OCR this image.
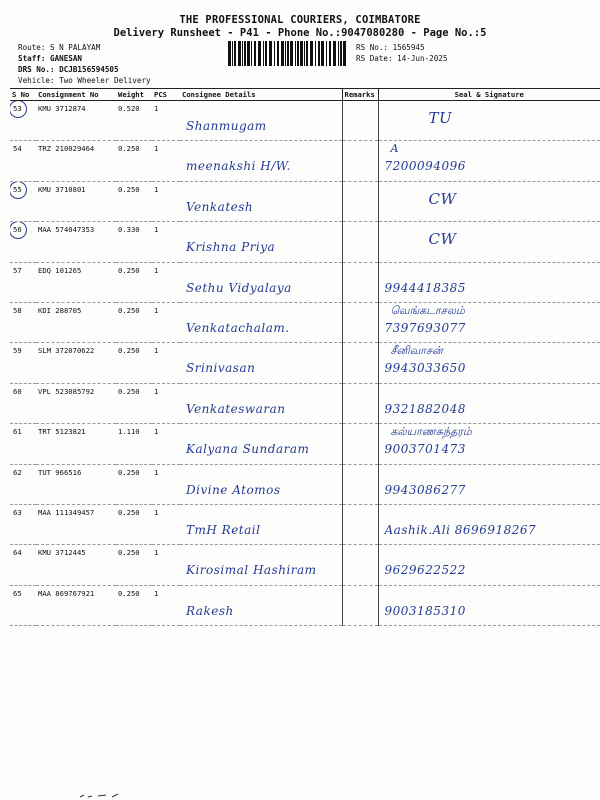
THE PROFESSIONAL COURIERS, COIMBATORE
Delivery Runsheet - P41 - Phone No.:9047080280 - Page No.:5
Route: S N PALAYAM
Staff: GANESAN
DRS No.: DCJB156594505
Vehicle: Two Wheeler Delivery
RS No.: 1565945
RS Date: 14-Jun-2025
S No	Consignment No	Weight	PCS	Consignee Details	Remarks	Seal & Signature

53	KMU 3712874	0.520	1	Shanmugam		TU

54	TRZ 210029464	0.250	1	meenakshi H/W.		A
7200094096

55	KMU 3710801	0.250	1	Venkatesh		CW

56	MAA 574047353	0.330	1	Krishna Priya		CW

57	EDQ 101265	0.250	1	Sethu Vidyalaya		9944418385

58	KDI 288705	0.250	1	Venkatachalam.		வெங்கடாசலம்
7397693077

59	SLM 372070622	0.250	1	Srinivasan		சீனிவாசன்
9943033650

60	VPL 523085792	0.250	1	Venkateswaran		9321882048

61	TRT 5123821	1.110	1	Kalyana Sundaram		கல்யாணசுந்தரம்
9003701473

62	TUT 966516	0.250	1	Divine Atomos		9943086277

63	MAA 111349457	0.250	1	TmH Retail		Aashik.Ali 8696918267

64	KMU 3712445	0.250	1	Kirosimal Hashiram		9629622522

65	MAA 869767921	0.250	1	Rakesh		9003185310
